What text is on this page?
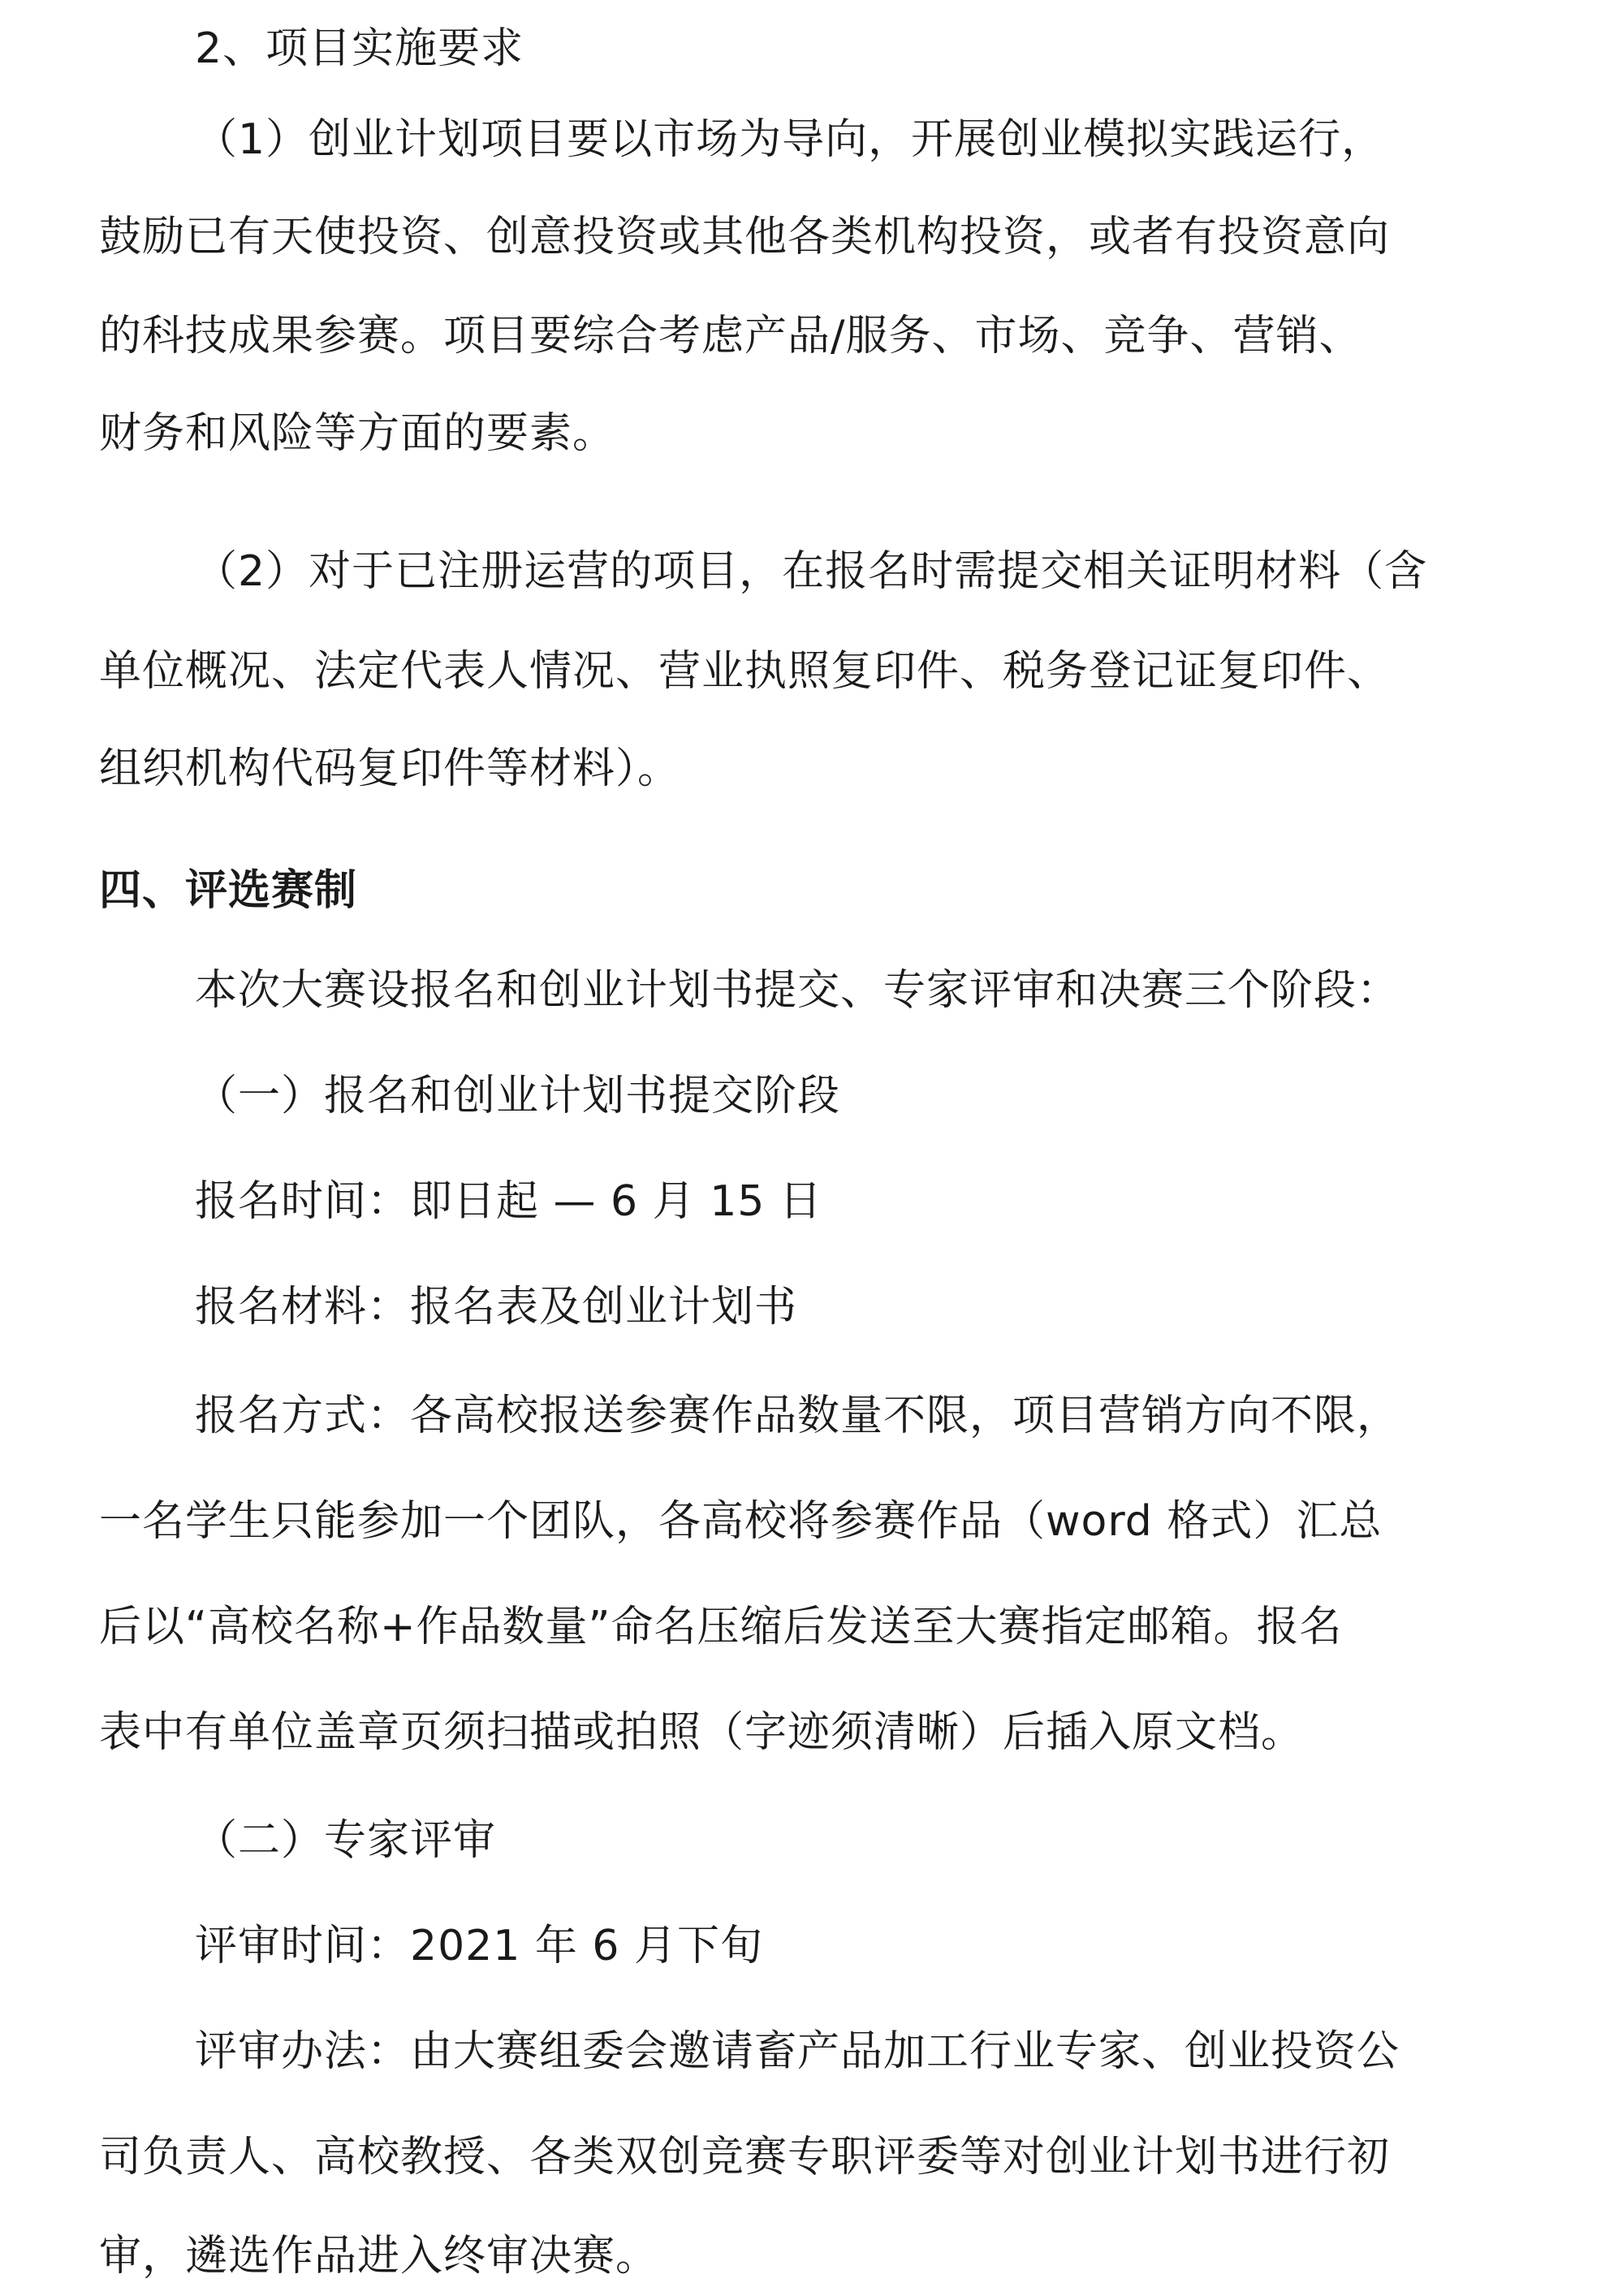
2、项目实施要求
（1）创业计划项目要以市场为导向，开展创业模拟实践运行，
鼓励已有天使投资、创意投资或其他各类机构投资，或者有投资意向
的科技成果参赛。项目要综合考虑产品/服务、市场、竞争、营销、
财务和风险等方面的要素。
（2）对于已注册运营的项目，在报名时需提交相关证明材料（含
单位概况、法定代表人情况、营业执照复印件、税务登记证复印件、
组织机构代码复印件等材料）。
四、评选赛制
本次大赛设报名和创业计划书提交、专家评审和决赛三个阶段：
（一）报名和创业计划书提交阶段
报名时间：即日起 — 6 月 15 日
报名材料：报名表及创业计划书
报名方式：各高校报送参赛作品数量不限，项目营销方向不限，
一名学生只能参加一个团队，各高校将参赛作品（word 格式）汇总
后以“高校名称+作品数量”命名压缩后发送至大赛指定邮箱。报名
表中有单位盖章页须扫描或拍照（字迹须清晰）后插入原文档。
（二）专家评审
评审时间：2021 年 6 月下旬
评审办法：由大赛组委会邀请畜产品加工行业专家、创业投资公
司负责人、高校教授、各类双创竞赛专职评委等对创业计划书进行初
审，遴选作品进入终审决赛。
